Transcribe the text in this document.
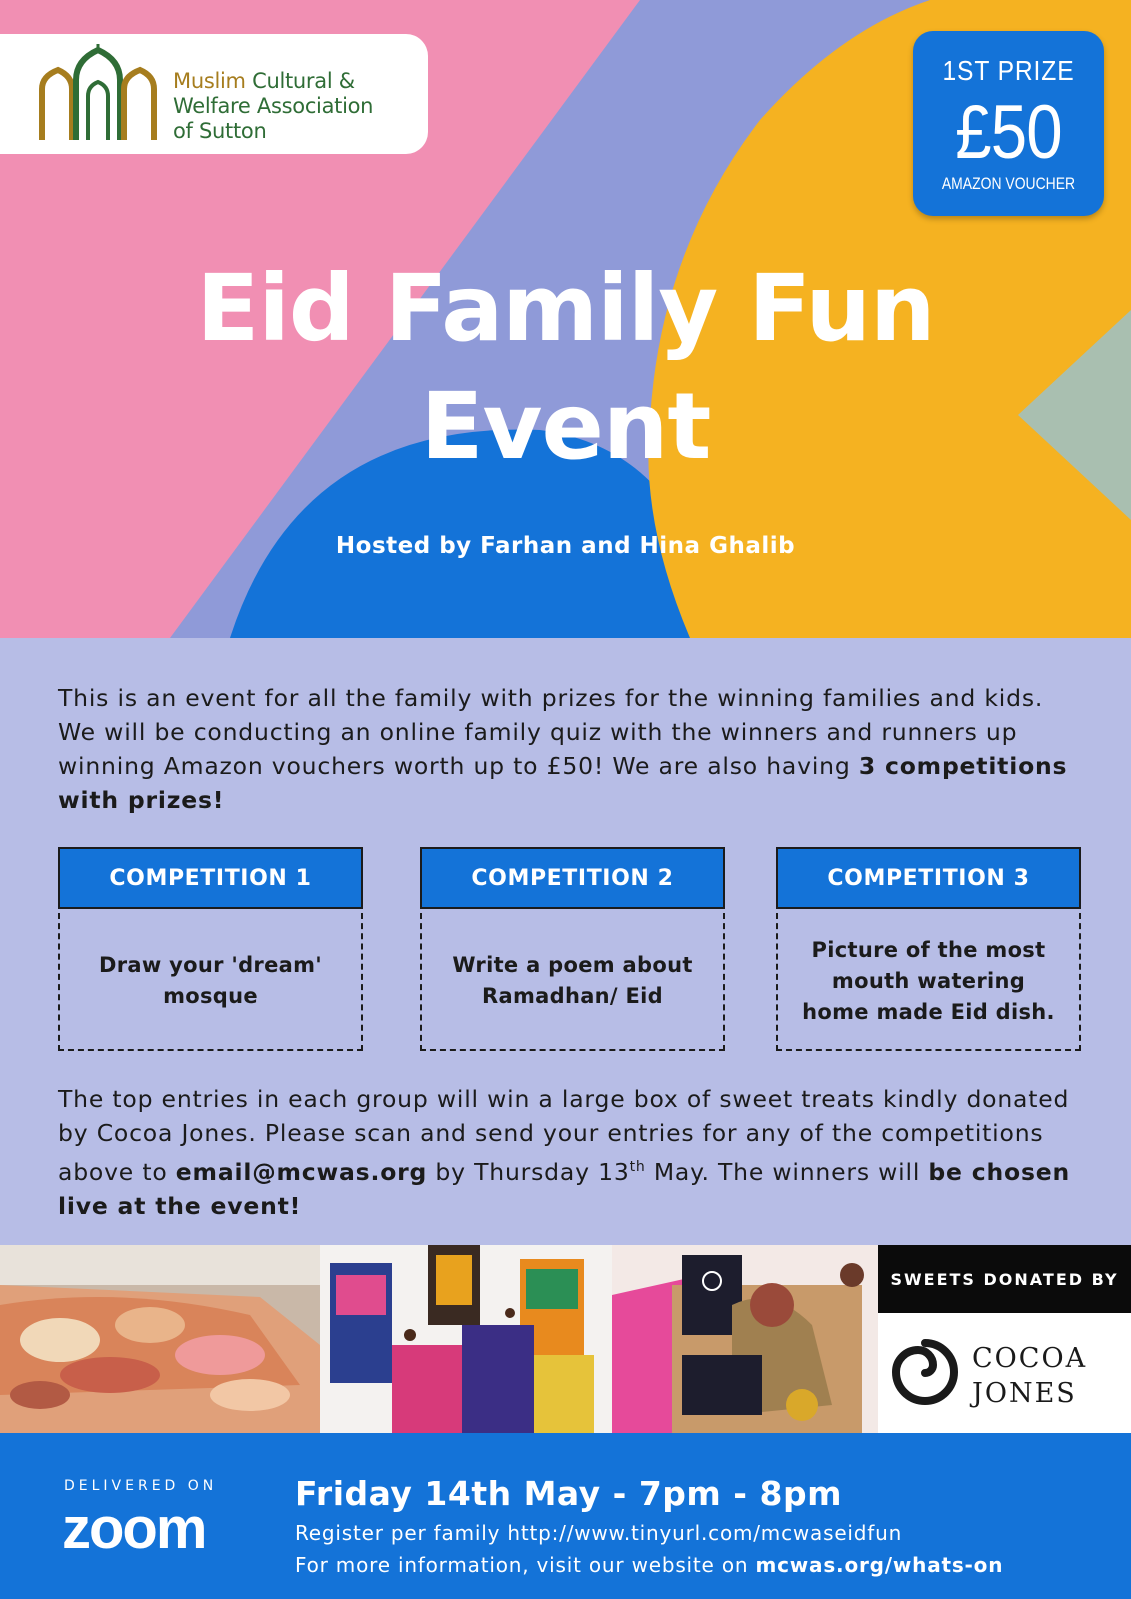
Muslim Cultural &
Welfare Association
of Sutton
1ST PRIZE
£50
AMAZON VOUCHER
Eid Family Fun
Event
Hosted by Farhan and Hina Ghalib

This is an event for all the family with prizes for the winning families and kids. We will be conducting an online family quiz with the winners and runners up winning Amazon vouchers worth up to £50! We are also having 3 competitions with prizes!

COMPETITION 1
Draw your 'dream' mosque
COMPETITION 2
Write a poem about Ramadhan/ Eid
COMPETITION 3
Picture of the most mouth watering home made Eid dish.

The top entries in each group will win a large box of sweet treats kindly donated by Cocoa Jones. Please scan and send your entries for any of the competitions above to email@mcwas.org by Thursday 13th May. The winners will be chosen live at the event!

SWEETS DONATED BY
COCOA
JONES
DELIVERED ON
zoom
Friday 14th May - 7pm - 8pm
Register per family http://www.tinyurl.com/mcwaseidfun
For more information, visit our website on mcwas.org/whats-on
